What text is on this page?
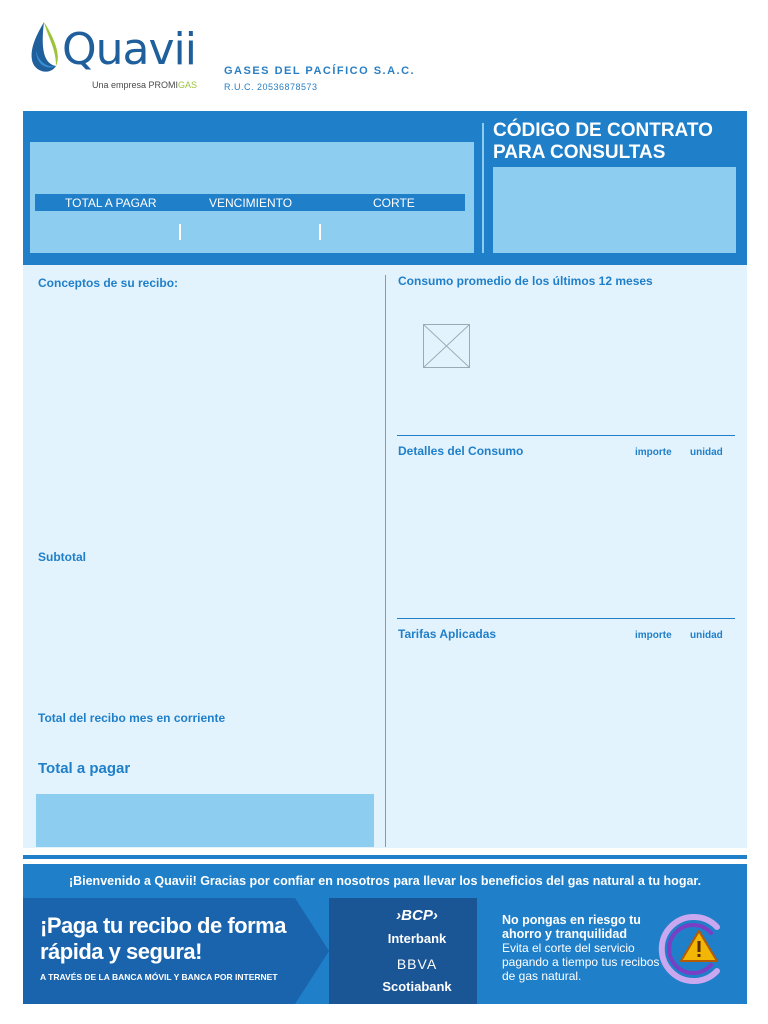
Quavii
Una empresa PROMIGAS
GASES DEL PACÍFICO S.A.C.
R.U.C. 20536878573
TOTAL A PAGAR	VENCIMIENTO	CORTE
CÓDIGO DE CONTRATO
PARA CONSULTAS
Conceptos de su recibo:
Subtotal
Total del recibo mes en corriente
Total a pagar
Consumo promedio de los últimos 12 meses
Detalles del Consumo	importe unidad
Tarifas Aplicadas	importe unidad
¡Bienvenido a Quavii! Gracias por confiar en nosotros para llevar los beneficios del gas natural a tu hogar.
¡Paga tu recibo de forma rápida y segura!
A TRAVÉS DE LA BANCA MÓVIL Y BANCA POR INTERNET
›BCP›
Interbank
BBVA
Scotiabank
No pongas en riesgo tu ahorro y tranquilidad
Evita el corte del servicio pagando a tiempo tus recibos de gas natural.
